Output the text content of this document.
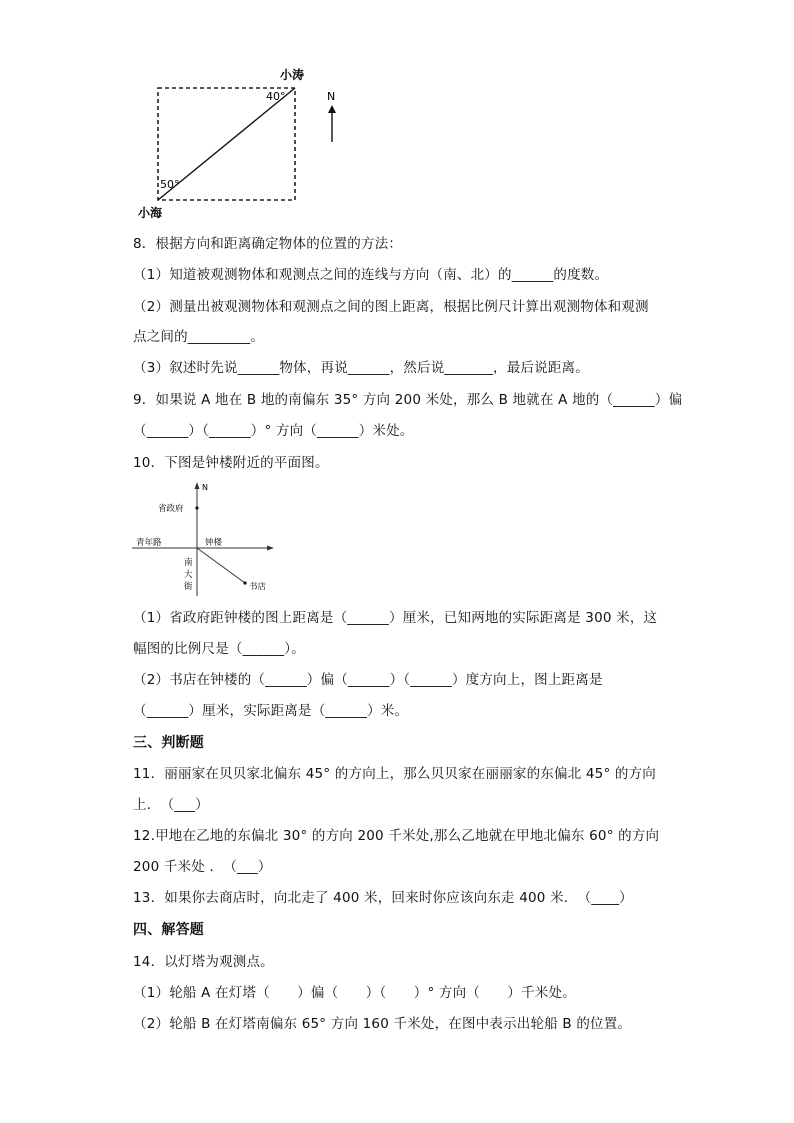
小涛
40°
50°
小海
N
8．根据方向和距离确定物体的位置的方法：
（1）知道被观测物体和观测点之间的连线与方向（南、北）的______的度数。
（2）测量出被观测物体和观测点之间的图上距离，根据比例尺计算出观测物体和观测
点之间的_________。
（3）叙述时先说______物体，再说______，然后说_______，最后说距离。
9．如果说 A 地在 B 地的南偏东 35° 方向 200 米处，那么 B 地就在 A 地的（______）偏
（______）（______）° 方向（______）米处。
10．下图是钟楼附近的平面图。
N
省政府
青年路	钟楼
书店
南
大
街
（1）省政府距钟楼的图上距离是（______）厘米，已知两地的实际距离是 300 米，这
幅图的比例尺是（______）。
（2）书店在钟楼的（______）偏（______）（______）度方向上，图上距离是
（______）厘米，实际距离是（______）米。
三、判断题
11．丽丽家在贝贝家北偏东 45° 的方向上，那么贝贝家在丽丽家的东偏北 45° 的方向
上．　（___）
12.甲地在乙地的东偏北 30° 的方向 200 千米处,那么乙地就在甲地北偏东 60° 的方向
200 千米处 ．　（___）
13．如果你去商店时，向北走了 400 米，回来时你应该向东走 400 米．　（____）
四、解答题
14．以灯塔为观测点。
（1）轮船 A 在灯塔（　　）偏（　　）（　　）° 方向（　　）千米处。
（2）轮船 B 在灯塔南偏东 65° 方向 160 千米处，在图中表示出轮船 B 的位置。
